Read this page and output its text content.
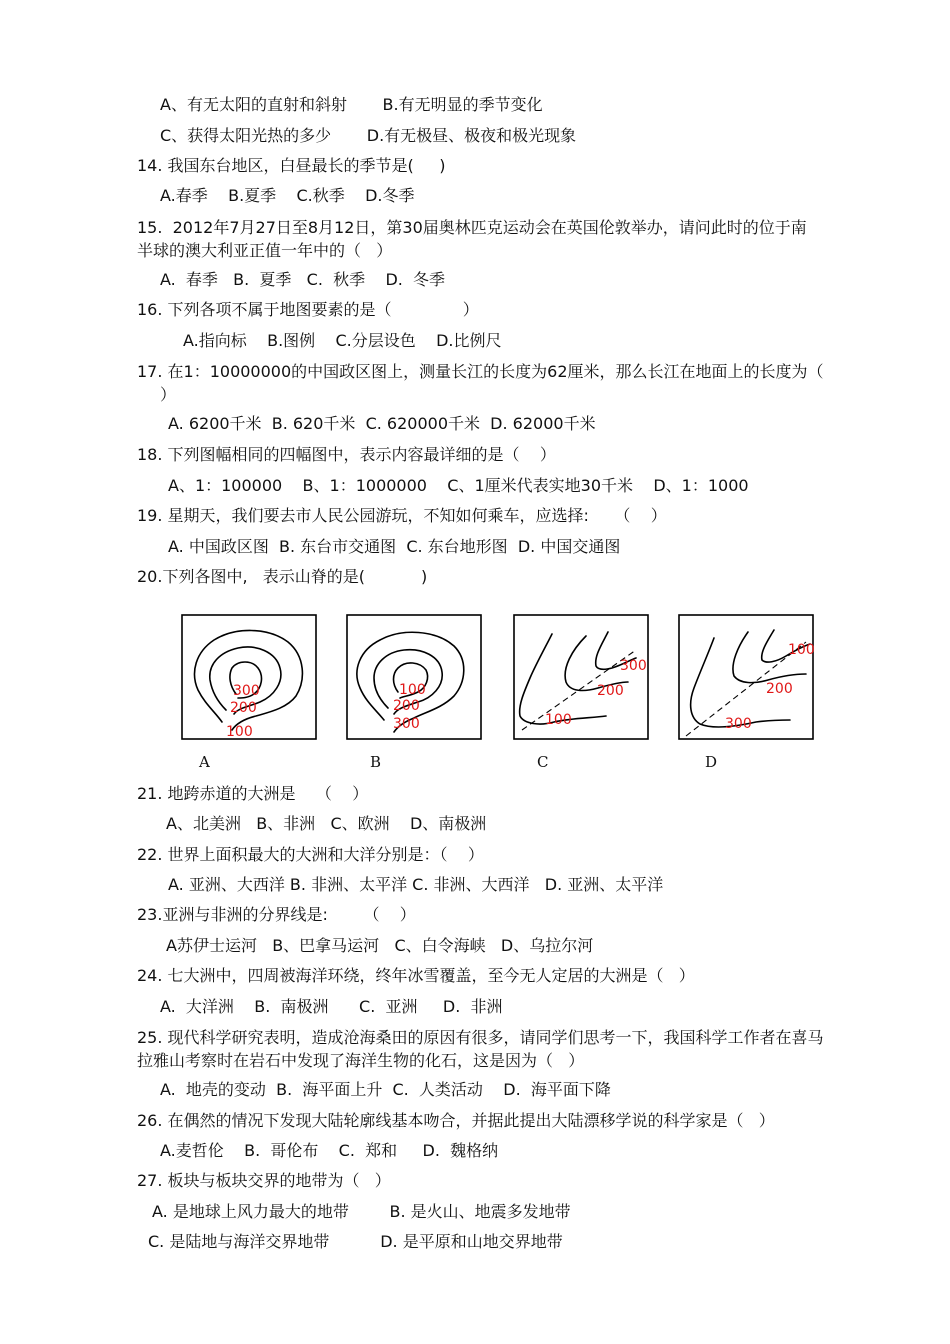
A、有无太阳的直射和斜射       B.有无明显的季节变化
C、获得太阳光热的多少       D.有无极昼、极夜和极光现象
14. 我国东台地区，白昼最长的季节是(     )
A.春季    B.夏季    C.秋季    D.冬季
15.  2012年7月27日至8月12日，第30届奥林匹克运动会在英国伦敦举办，请问此时的位于南
半球的澳大利亚正值一年中的（   ）
A.  春季   B.  夏季   C.  秋季    D.  冬季
16. 下列各项不属于地图要素的是（              ）
A.指向标    B.图例    C.分层设色    D.比例尺
17. 在1：10000000的中国政区图上，测量长江的长度为62厘米，那么长江在地面上的长度为（
）
A. 6200千米  B. 620千米  C. 620000千米  D. 62000千米
18. 下列图幅相同的四幅图中，表示内容最详细的是（    ）
A、1：100000    B、1：1000000    C、1厘米代表实地30千米    D、1：1000
19. 星期天，我们要去市人民公园游玩，不知如何乘车，应选择:     （    ）
A. 中国政区图  B. 东台市交通图  C. 东台地形图  D. 中国交通图
20.下列各图中,   表示山脊的是(           )
300
200
100
100
200
300
300
200
100
100
200
300
A	B	C	D
21. 地跨赤道的大洲是    （    ）
A、北美洲   B、非洲   C、欧洲    D、南极洲
22. 世界上面积最大的大洲和大洋分别是：（    ）
A. 亚洲、大西洋 B. 非洲、太平洋 C. 非洲、大西洋   D. 亚洲、太平洋
23.亚洲与非洲的分界线是:       （    ）
A苏伊士运河   B、巴拿马运河   C、白令海峡   D、乌拉尔河
24. 七大洲中，四周被海洋环绕，终年冰雪覆盖，至今无人定居的大洲是（   ）
A.  大洋洲    B.  南极洲      C.  亚洲     D.  非洲
25. 现代科学研究表明，造成沧海桑田的原因有很多，请同学们思考一下，我国科学工作者在喜马
拉雅山考察时在岩石中发现了海洋生物的化石，这是因为（   ）
A.  地壳的变动  B.  海平面上升  C.  人类活动    D.  海平面下降
26. 在偶然的情况下发现大陆轮廓线基本吻合，并据此提出大陆漂移学说的科学家是（   ）
A.麦哲伦    B.  哥伦布    C.  郑和     D.  魏格纳
27. 板块与板块交界的地带为（   ）
A. 是地球上风力最大的地带        B. 是火山、地震多发地带
C. 是陆地与海洋交界地带          D. 是平原和山地交界地带
